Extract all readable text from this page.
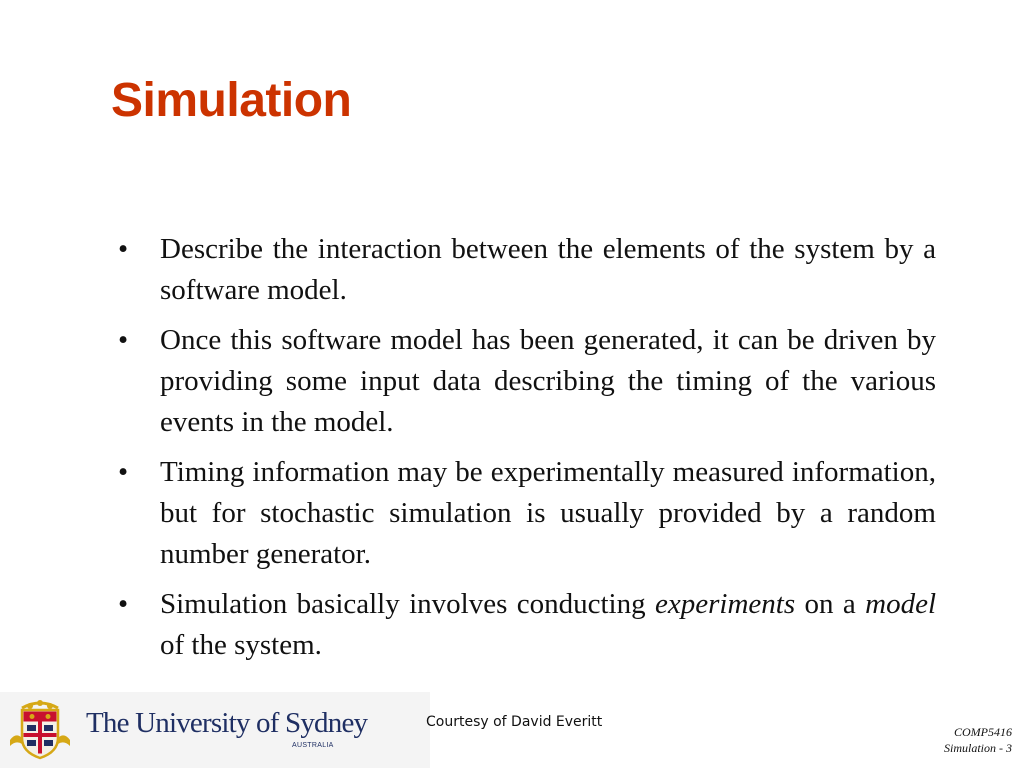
Simulation
• Describe the interaction between the elements of the system by a software model.
• Once this software model has been generated, it can be driven by providing some input data describing the timing of the various events in the model.
• Timing information may be experimentally measured information, but for stochastic simulation is usually provided by a random number generator.
• Simulation basically involves conducting experiments on a model of the system.
The University of Sydney
AUSTRALIA
Courtesy of David Everitt
COMP5416
Simulation - 3
